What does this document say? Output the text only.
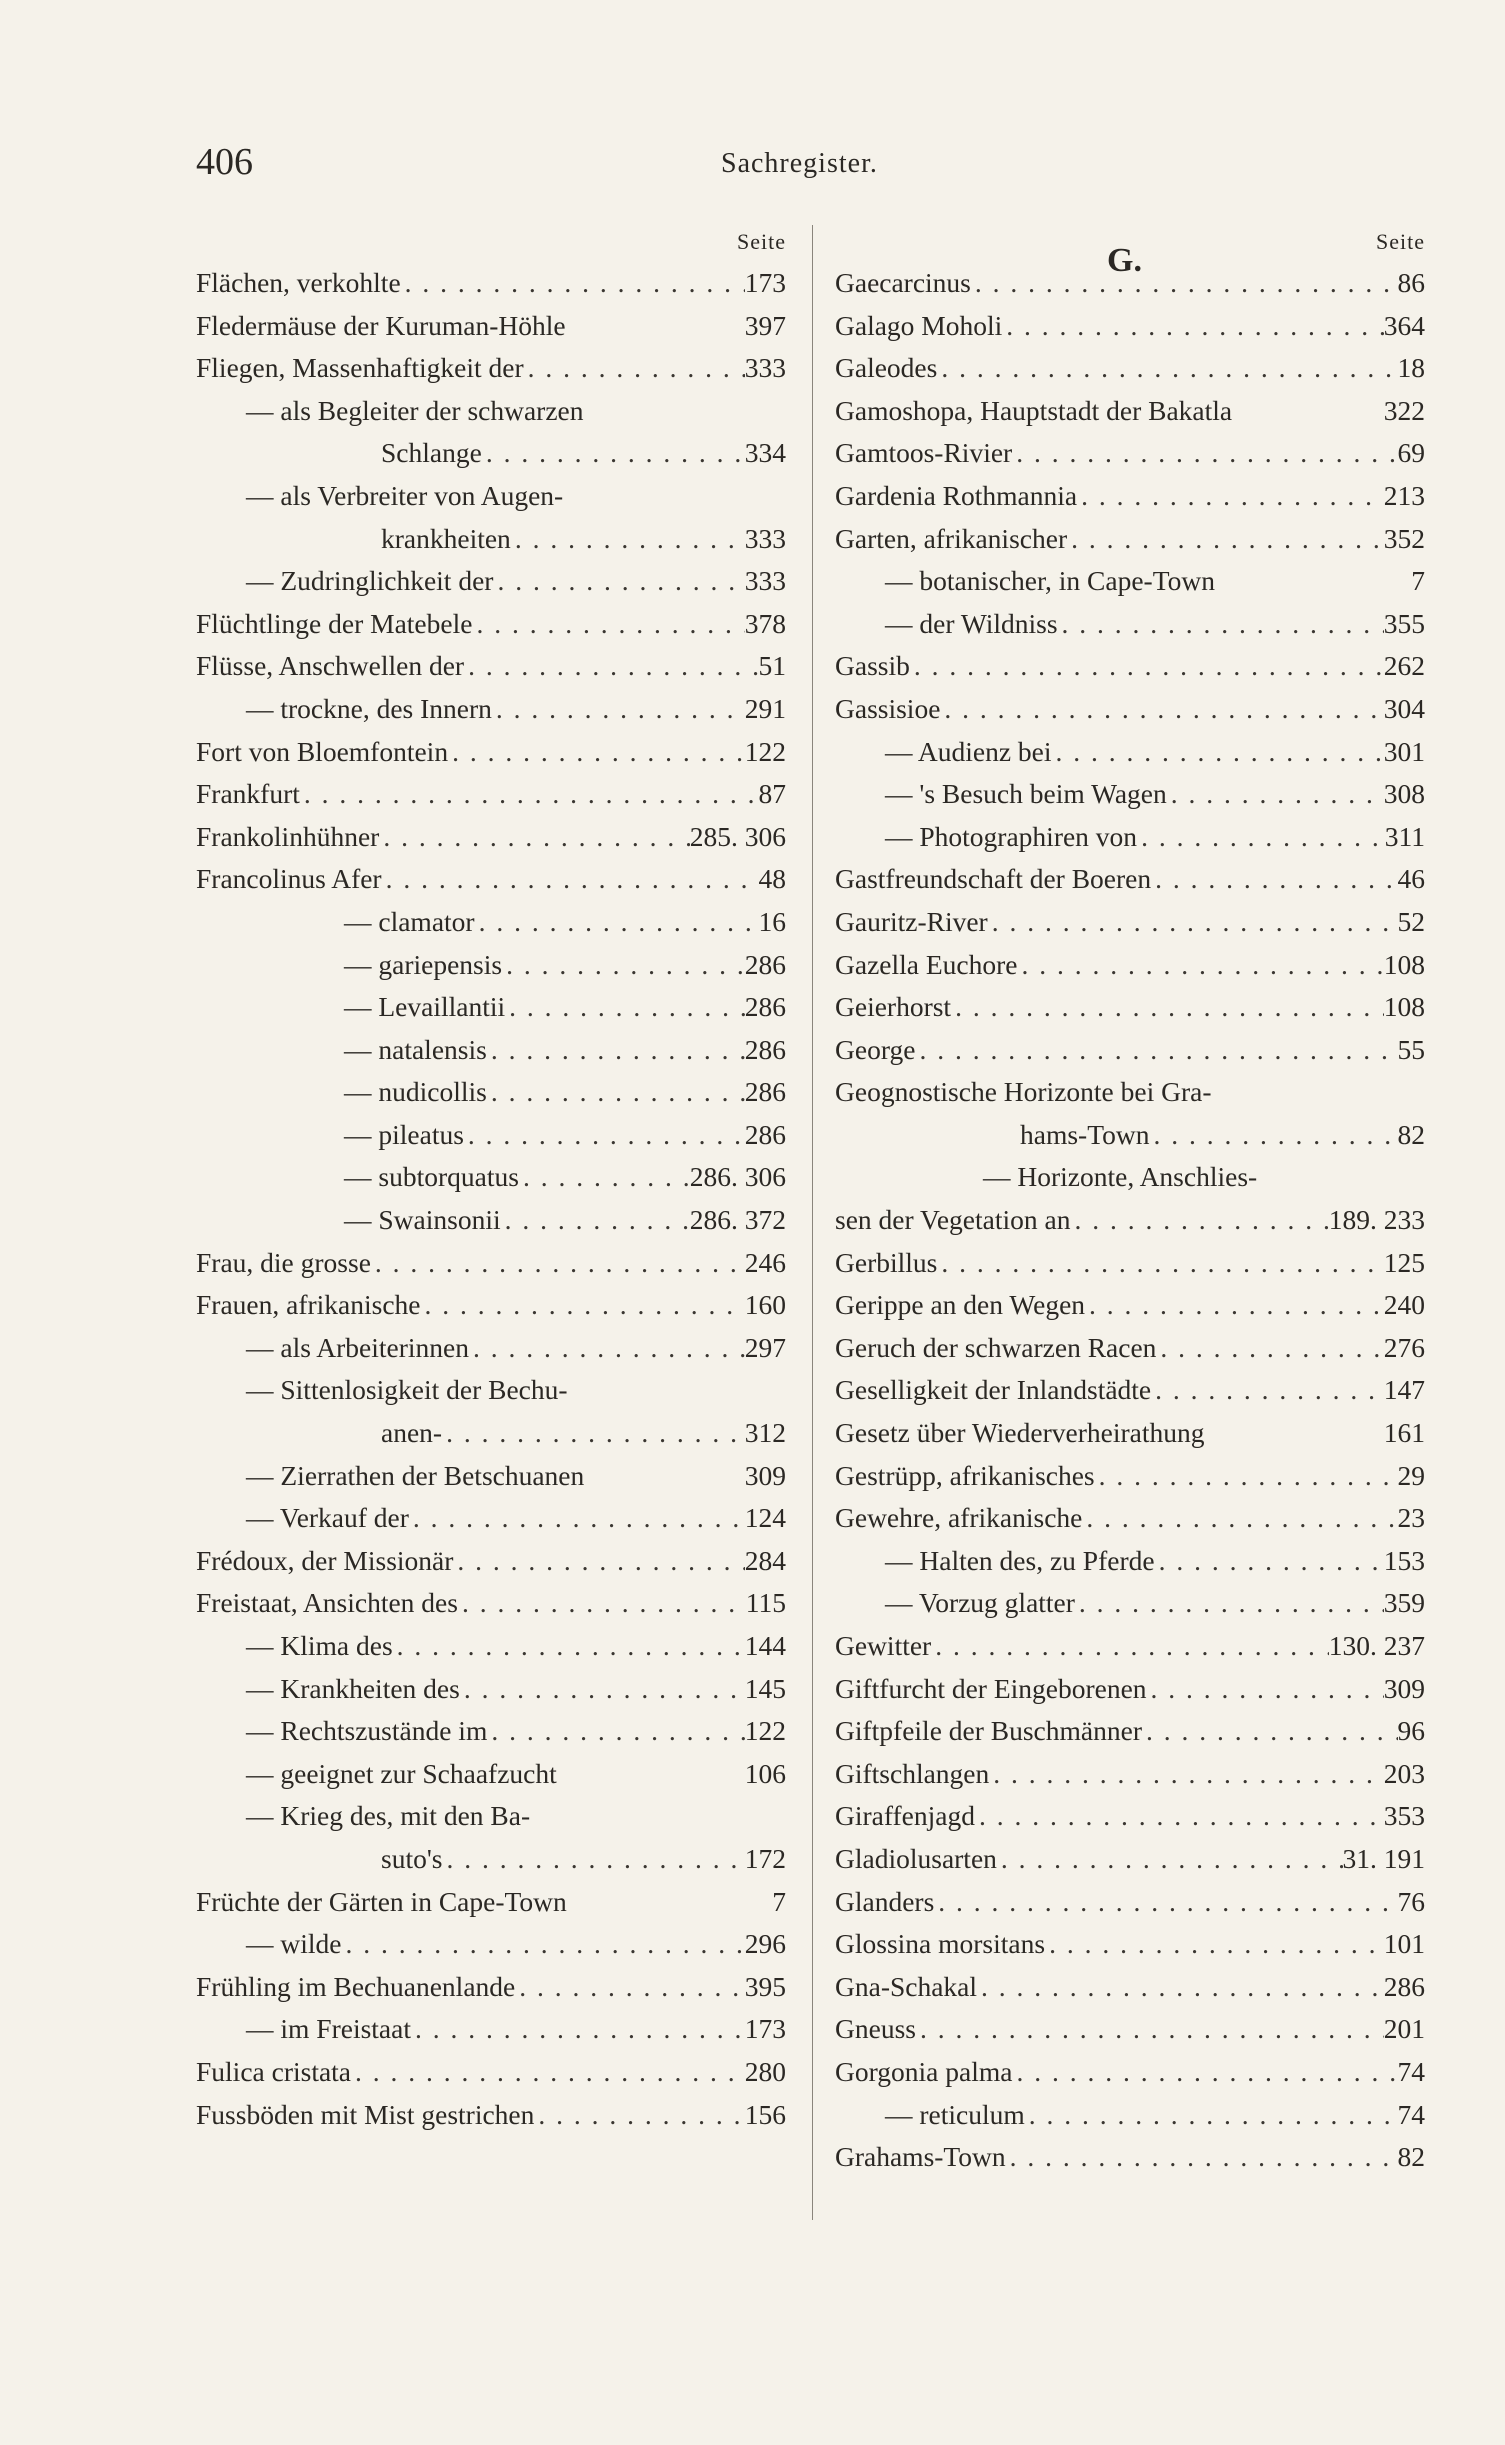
406	Sachregister.
Seite
Flächen, verkohlte . . .	173
Fledermäuse der Kuruman-Höhle	397
Fliegen, Massenhaftigkeit der . . .	333
— als Begleiter der schwarzen
Schlange . . .	334
— als Verbreiter von Augen-
krankheiten . . .	333
— Zudringlichkeit der . . .	333
Flüchtlinge der Matebele . . .	378
Flüsse, Anschwellen der . . .	51
— trockne, des Innern . . .	291
Fort von Bloemfontein . . .	122
Frankfurt . . .	87
Frankolinhühner . . .	285. 306
Francolinus Afer . . .	48
— clamator . . .	16
— gariepensis . . .	286
— Levaillantii . . .	286
— natalensis . . .	286
— nudicollis . . .	286
— pileatus . . .	286
— subtorquatus . . .	286. 306
— Swainsonii . . .	286. 372
Frau, die grosse . . .	246
Frauen, afrikanische . . .	160
— als Arbeiterinnen . . .	297
— Sittenlosigkeit der Bechu-
anen- . . .	312
— Zierrathen der Betschuanen	309
— Verkauf der . . .	124
Frédoux, der Missionär . . .	284
Freistaat, Ansichten des . . .	115
— Klima des . . .	144
— Krankheiten des . . .	145
— Rechtszustände im . . .	122
— geeignet zur Schaafzucht	106
— Krieg des, mit den Ba-
suto's . . .	172
Früchte der Gärten in Cape-Town	7
— wilde . . .	296
Frühling im Bechuanenlande . . .	395
— im Freistaat . . .	173
Fulica cristata . . .	280
Fussböden mit Mist gestrichen . . .	156
Seite
G.
Gaecarcinus . . .	86
Galago Moholi . . .	364
Galeodes . . .	18
Gamoshopa, Hauptstadt der Bakatla	322
Gamtoos-Rivier . . .	69
Gardenia Rothmannia . . .	213
Garten, afrikanischer . . .	352
— botanischer, in Cape-Town	7
— der Wildniss . . .	355
Gassib . . .	262
Gassisioe . . .	304
— Audienz bei . . .	301
— 's Besuch beim Wagen . . .	308
— Photographiren von . . .	311
Gastfreundschaft der Boeren . . .	46
Gauritz-River . . .	52
Gazella Euchore . . .	108
Geierhorst . . .	108
George . . .	55
Geognostische Horizonte bei Gra-
hams-Town . . .	82
— Horizonte, Anschlies-
sen der Vegetation an . . .	189. 233
Gerbillus . . .	125
Gerippe an den Wegen . . .	240
Geruch der schwarzen Racen . . .	276
Geselligkeit der Inlandstädte . . .	147
Gesetz über Wiederverheirathung	161
Gestrüpp, afrikanisches . . .	29
Gewehre, afrikanische . . .	23
— Halten des, zu Pferde . . .	153
— Vorzug glatter . . .	359
Gewitter . . .	130. 237
Giftfurcht der Eingeborenen . . .	309
Giftpfeile der Buschmänner . . .	96
Giftschlangen . . .	203
Giraffenjagd . . .	353
Gladiolusarten . . .	31. 191
Glanders . . .	76
Glossina morsitans . . .	101
Gna-Schakal . . .	286
Gneuss . . .	201
Gorgonia palma . . .	74
— reticulum . . .	74
Grahams-Town . . .	82
